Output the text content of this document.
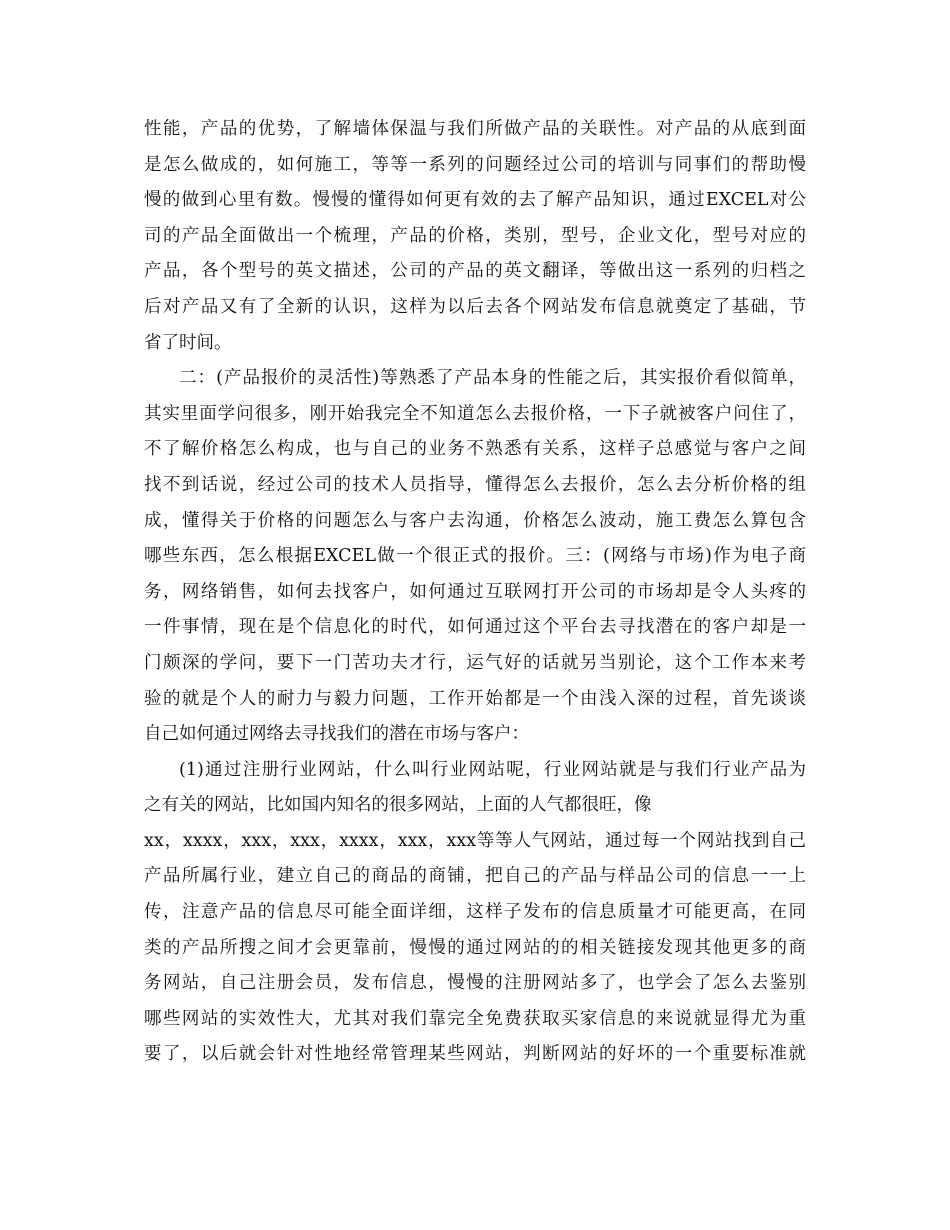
性能，产品的优势，了解墙体保温与我们所做产品的关联性。对产品的从底到面
是怎么做成的，如何施工，等等一系列的问题经过公司的培训与同事们的帮助慢
慢的做到心里有数。慢慢的懂得如何更有效的去了解产品知识，通过EXCEL对公
司的产品全面做出一个梳理，产品的价格，类别，型号，企业文化，型号对应的
产品，各个型号的英文描述，公司的产品的英文翻译，等做出这一系列的归档之
后对产品又有了全新的认识，这样为以后去各个网站发布信息就奠定了基础，节
省了时间。
二：(产品报价的灵活性)等熟悉了产品本身的性能之后，其实报价看似简单，
其实里面学问很多，刚开始我完全不知道怎么去报价格，一下子就被客户问住了，
不了解价格怎么构成，也与自己的业务不熟悉有关系，这样子总感觉与客户之间
找不到话说，经过公司的技术人员指导，懂得怎么去报价，怎么去分析价格的组
成，懂得关于价格的问题怎么与客户去沟通，价格怎么波动，施工费怎么算包含
哪些东西，怎么根据EXCEL做一个很正式的报价。三：(网络与市场)作为电子商
务，网络销售，如何去找客户，如何通过互联网打开公司的市场却是令人头疼的
一件事情，现在是个信息化的时代，如何通过这个平台去寻找潜在的客户却是一
门颇深的学问，要下一门苦功夫才行，运气好的话就另当别论，这个工作本来考
验的就是个人的耐力与毅力问题，工作开始都是一个由浅入深的过程，首先谈谈
自己如何通过网络去寻找我们的潜在市场与客户：
(1)通过注册行业网站，什么叫行业网站呢，行业网站就是与我们行业产品为
之有关的网站，比如国内知名的很多网站，上面的人气都很旺，像
xx，xxxx，xxx，xxx，xxxx，xxx，xxx等等人气网站，通过每一个网站找到自己
产品所属行业，建立自己的商品的商铺，把自己的产品与样品公司的信息一一上
传，注意产品的信息尽可能全面详细，这样子发布的信息质量才可能更高，在同
类的产品所搜之间才会更靠前，慢慢的通过网站的的相关链接发现其他更多的商
务网站，自己注册会员，发布信息，慢慢的注册网站多了，也学会了怎么去鉴别
哪些网站的实效性大，尤其对我们靠完全免费获取买家信息的来说就显得尤为重
要了，以后就会针对性地经常管理某些网站，判断网站的好坏的一个重要标准就
